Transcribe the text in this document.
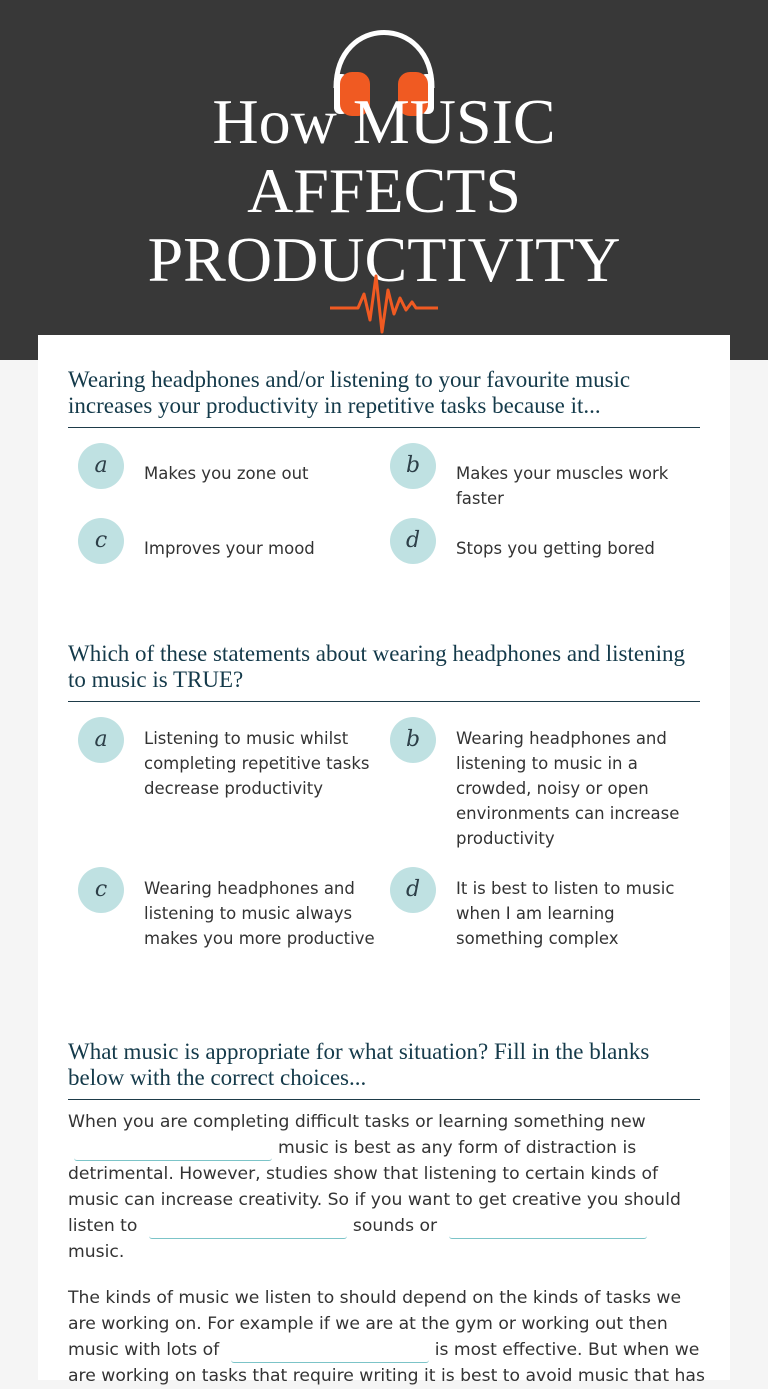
How MUSIC
AFFECTS
PRODUCTIVITY
Wearing headphones and/or listening to your favourite music increases your productivity in repetitive tasks because it...
a	Makes you zone out	b	Makes your muscles work faster
c	Improves your mood	d	Stops you getting bored
Which of these statements about wearing headphones and listening to music is TRUE?
a	Listening to music whilst completing repetitive tasks decrease productivity
b	Wearing headphones and listening to music in a crowded, noisy or open environments can increase productivity
c	Wearing headphones and listening to music always makes you more productive
d	It is best to listen to music when I am learning something complex
What music is appropriate for what situation? Fill in the blanks below with the correct choices...
When you are completing difficult tasks or learning something new music is best as any form of distraction is detrimental. However, studies show that listening to certain kinds of music can increase creativity. So if you want to get creative you should listen to	sounds or music.
The kinds of music we listen to should depend on the kinds of tasks we are working on. For example if we are at the gym or working out then music with lots of	is most effective. But when we are working on tasks that require writing it is best to avoid music that has
